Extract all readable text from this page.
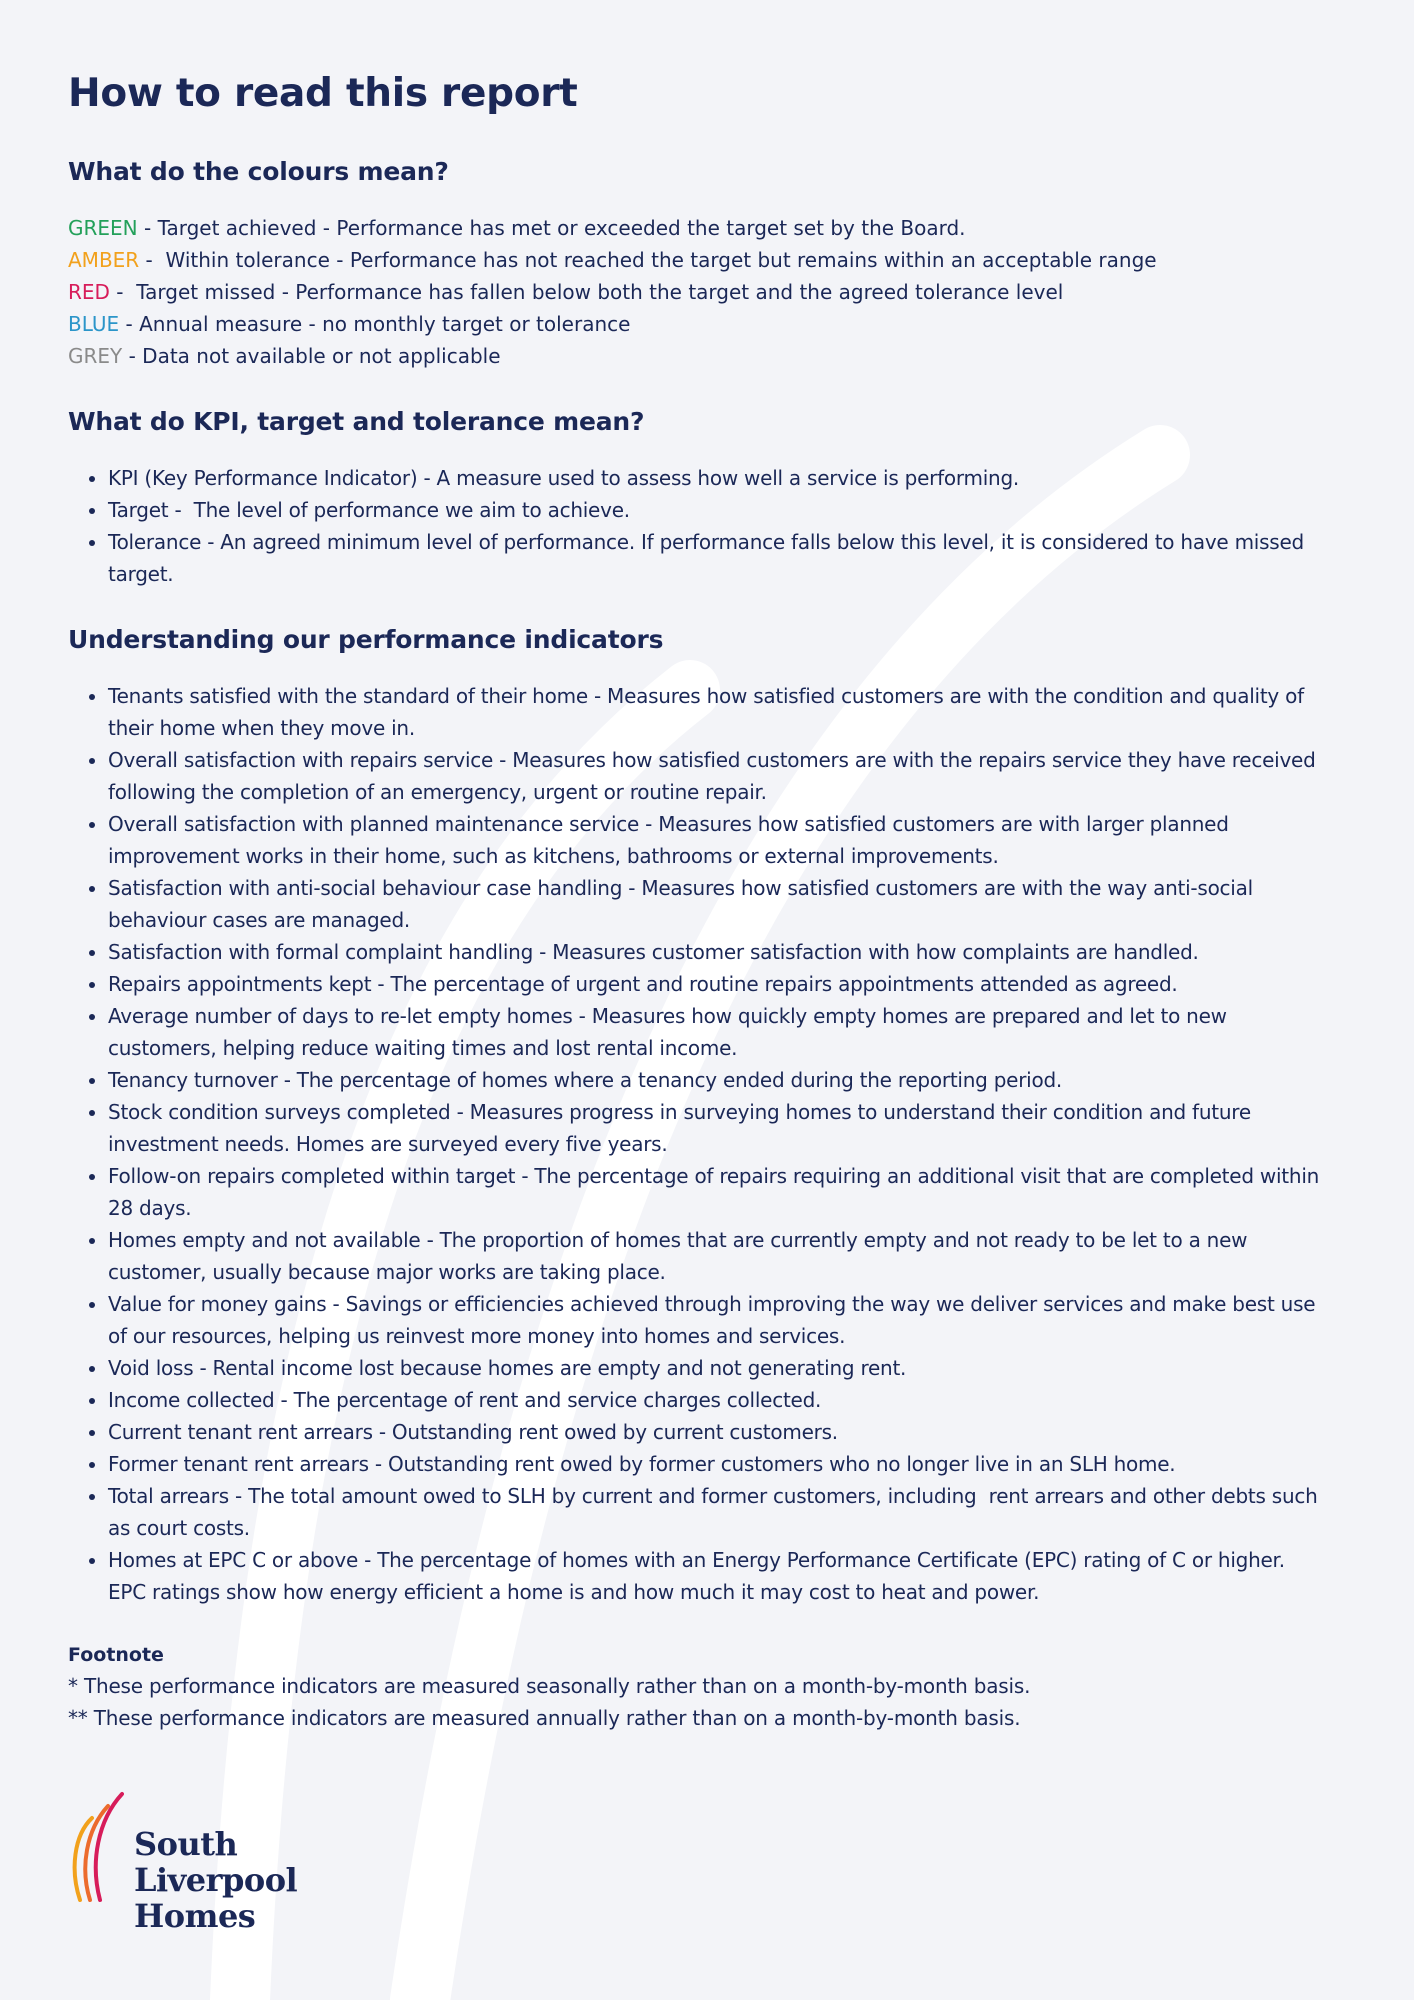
How to read this report
What do the colours mean?
GREEN - Target achieved - Performance has met or exceeded the target set by the Board.
AMBER -  Within tolerance - Performance has not reached the target but remains within an acceptable range
RED -  Target missed - Performance has fallen below both the target and the agreed tolerance level
BLUE - Annual measure - no monthly target or tolerance
GREY - Data not available or not applicable
What do KPI, target and tolerance mean?
• KPI (Key Performance Indicator) - A measure used to assess how well a service is performing.
• Target -  The level of performance we aim to achieve.
• Tolerance - An agreed minimum level of performance. If performance falls below this level, it is considered to have missed target.
Understanding our performance indicators
• Tenants satisfied with the standard of their home - Measures how satisfied customers are with the condition and quality of their home when they move in.
• Overall satisfaction with repairs service - Measures how satisfied customers are with the repairs service they have received following the completion of an emergency, urgent or routine repair.
• Overall satisfaction with planned maintenance service - Measures how satisfied customers are with larger planned improvement works in their home, such as kitchens, bathrooms or external improvements.
• Satisfaction with anti-social behaviour case handling - Measures how satisfied customers are with the way anti-social behaviour cases are managed.
• Satisfaction with formal complaint handling - Measures customer satisfaction with how complaints are handled.
• Repairs appointments kept - The percentage of urgent and routine repairs appointments attended as agreed.
• Average number of days to re-let empty homes - Measures how quickly empty homes are prepared and let to new customers, helping reduce waiting times and lost rental income.
• Tenancy turnover - The percentage of homes where a tenancy ended during the reporting period.
• Stock condition surveys completed - Measures progress in surveying homes to understand their condition and future investment needs. Homes are surveyed every five years.
• Follow-on repairs completed within target - The percentage of repairs requiring an additional visit that are completed within 28 days.
• Homes empty and not available - The proportion of homes that are currently empty and not ready to be let to a new customer, usually because major works are taking place.
• Value for money gains - Savings or efficiencies achieved through improving the way we deliver services and make best use of our resources, helping us reinvest more money into homes and services.
• Void loss - Rental income lost because homes are empty and not generating rent.
• Income collected - The percentage of rent and service charges collected.
• Current tenant rent arrears - Outstanding rent owed by current customers.
• Former tenant rent arrears - Outstanding rent owed by former customers who no longer live in an SLH home.
• Total arrears - The total amount owed to SLH by current and former customers, including  rent arrears and other debts such as court costs.
• Homes at EPC C or above - The percentage of homes with an Energy Performance Certificate (EPC) rating of C or higher. EPC ratings show how energy efficient a home is and how much it may cost to heat and power.
Footnote
* These performance indicators are measured seasonally rather than on a month-by-month basis.
** These performance indicators are measured annually rather than on a month-by-month basis.
South
Liverpool
Homes
